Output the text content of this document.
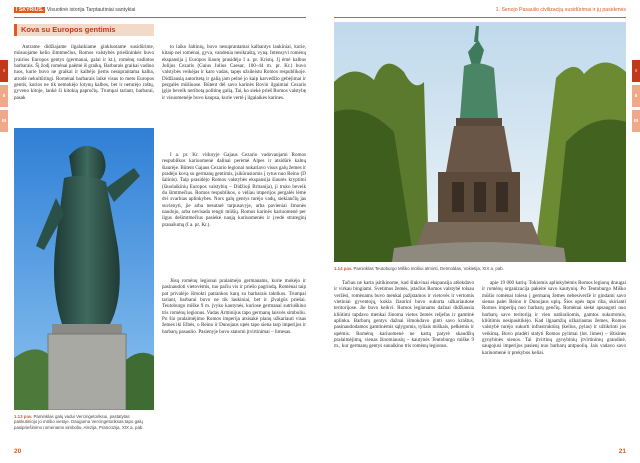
I SKYRIUS. Visuotinė istorija Tarptautiniai santykiai
Kova su Europos gentimis

Antrame didžiajame ilgalaikiame ginkluotame susidūrime, mūsuojame kelio šimtmečius, Romos valstybės priešininkės buvo įvairios Europos gentys (germanai, galai ir kt.), romėnų vadintos barbarais. Šį žodį romėnai paėmė iš graikų. Barbarais graikai vadino tuos, kurie buvo ne graikai ir kalbėjo jiems nesuprantama kalba, atrodė nekultūringi. Romėnai barbarais laikė visus to meto Europos gentis, kurios ne tik nemokėjo lotynų kalbos, bet ir neturėjo raštų, gyveno kitoje, lankė ši kitokią papročių. Trumpai tariant, barbarai, pasak

1.13 pav. Paminklas galų vadui Vercingetoriksui, pastatytas paskutiniojo jo mūšio vietoje. Dauguma Vercingetoriksas tapo galų pasipriešinimo romėnams simboliu, Alezija, Prancūzija, XIX a. pab.

to laiko šaltinių, buvo nesuprantamai kalbantys laukiniai, kurie, kitaip nei romėnai, gyva, vandenia nesikraštą, vyną. Intensyvi romėnų ekspansija į Europos šiaurę prasidėjo I a. pr. Kristų. Jį ėmė kalbus Julijus Cezaris (Gaius Julius Caesar, 100–44 m. pr. Kr.) buvo valstybės veikėjas ir karo vadas, tapęs užsileistu Romos respublikoje. Didžiausią autoritetą ir galią jam pelnė jo kaip karvedžio gebėjimai ir pergalės mūšiuose. Būtent dėl savo karinės Rovin ilgaimiai Cezaris įgijo bevelk neribotą politinę galią. Tai, ko siekė prieš Romos valstybę ir visuomenėje buvo kaupsa, kurie vertė į ilgalaikes karines.

I a. pr. Kr. viduryje Gajaus Cezario vadovaujami Romos respublikos kariuomenė dalinai perėmė Alpes ir atsidūrė kalnų šiaurėje. Būtent Gajaus Cezario legionai nukariavo visus galų žemes ir pradėjo kovą su germanų gentimis, įsikūrusiomis į rytus nuo Reino (D šalinis). Taip prasidėjo Romos valstybės ekspansija šiaurės kryptimi (šiuolaikinių Europos valstybių – Didžioji Britanija), ji truko beveik du šimtmečius. Romos respublikos, o vėliau imperijos pergalės lėmė dvi svarbias aplinkybes. Nors galų gentys turėjo vadų, siekiančių jas suvienyti, jie arba nesutarė tarpusavyje, arba pavieniai žmonės naudojo, arba nevisada rengti mūšių. Romos karinės kariuomenė per ilgus dešimtmečius pasiekė naują kariuomenės ir įvedė strateginį pranašumą (I a. pr. Kr.).

Jūsų romėnų legionai pralaimėjo germanams, kurie mokėjo ir pasinaudoti vietovėmis, tuo pačiu vis ir priešo pagrindą. Romėnai taip pat privalėjo išmokti patrankos karų su barbarais taktikos. Trumpai tariant, barbarai buvo ne tik laukiniai, bet ir įžvalgūs priešai. Teutoburgo miške 9 m. įvyko kautynės, kuriose germanai sutriuškino tris romėnų legionus. Vadas Arminijus tapo germanų laisvės simboliu. Po šio pralaimėjimo Romos imperija atsisakė planų užkariauti visas žemes iki Elbės, o Reino ir Dunojaus upės tapo siena tarp imperijos ir barbarų pasaulio. Pasienyje buvo statomi įtvirtinimai – limesas.

I
II
III
20
1. Senojo Pasaulio civilizacijų susidūrimai ir jų pasekmės
1.14 pav. Paminklas Teutoburgo Miško mūšiui atminti, Detmoldas, Vokietija, XIX a. pab.

Tačiau ne karta įsitikinome, kad šiukvinai ekspansija atšokdavo ir virkau bingiami. Svetimos žemės, įstačius Romos valstybė tolsau veržėsi, romėnams buvo menkai pažįstamos ir vietovės ir vertomis vietiniai gyventojų, kokia žiaurini buvo sukurta užkariautose teritorijose. Jie buvo keikvi. Romos legionams dažnai didžiausia kliūtimi tapdavo menkai žinoma vietos žemės reljefas ir gamtinė aplinka. Barbarų gentys dažnai išmokdavo ginti savo kraštus, pasinaudodamos gamtinėmis sąlygomis, tyliais miškais, pelkėmis ir upėmis. Romėnų kariuomenė ne kartą patyrė skaudžių pralaimėjimų, vienas žinomiausių – kautynės Teutoburgo miške 9 m., kur germanų gentys sunaikino tris romėnų legionus.

apie 19 000 karių. Tokiomis aplinkybėmis Romos legionų draugai ir romėnų organizacija pakeitė savo kautynių. Po Teutoburgo Miško mūšio romėnai tolesn į germanų žemes nebesiveržė ir gindami savo sienas palei Reino ir Dunojaus upių. Šios upės tapo riba, skirianti Romos imperijų nuo barbarų genčių. Romėnai siekė apsaugoti nuo barbarų savo teritoriją ir vien natūraliomis, gamtos sukurtomis, kliūtimis nesipasitikėjo. Kad ilgaamžių užkariautas žemes, Romos valstybė turėjo sukurti infrastruktūrą (kelius, pylas) ir užtikrinti jos veikimą. Buvo pradėti statyti Romos pylimai (lot. limes) – ištisinės gynybinės sienos. Tai įtvirtinų gynybinių įtvirtinimų grandinė, saugojusi imperijos pasienį nuo barbarų antpuolių. Jais vadavo savo kariuomenė ir prekybos keliai.

I
II
III
21
